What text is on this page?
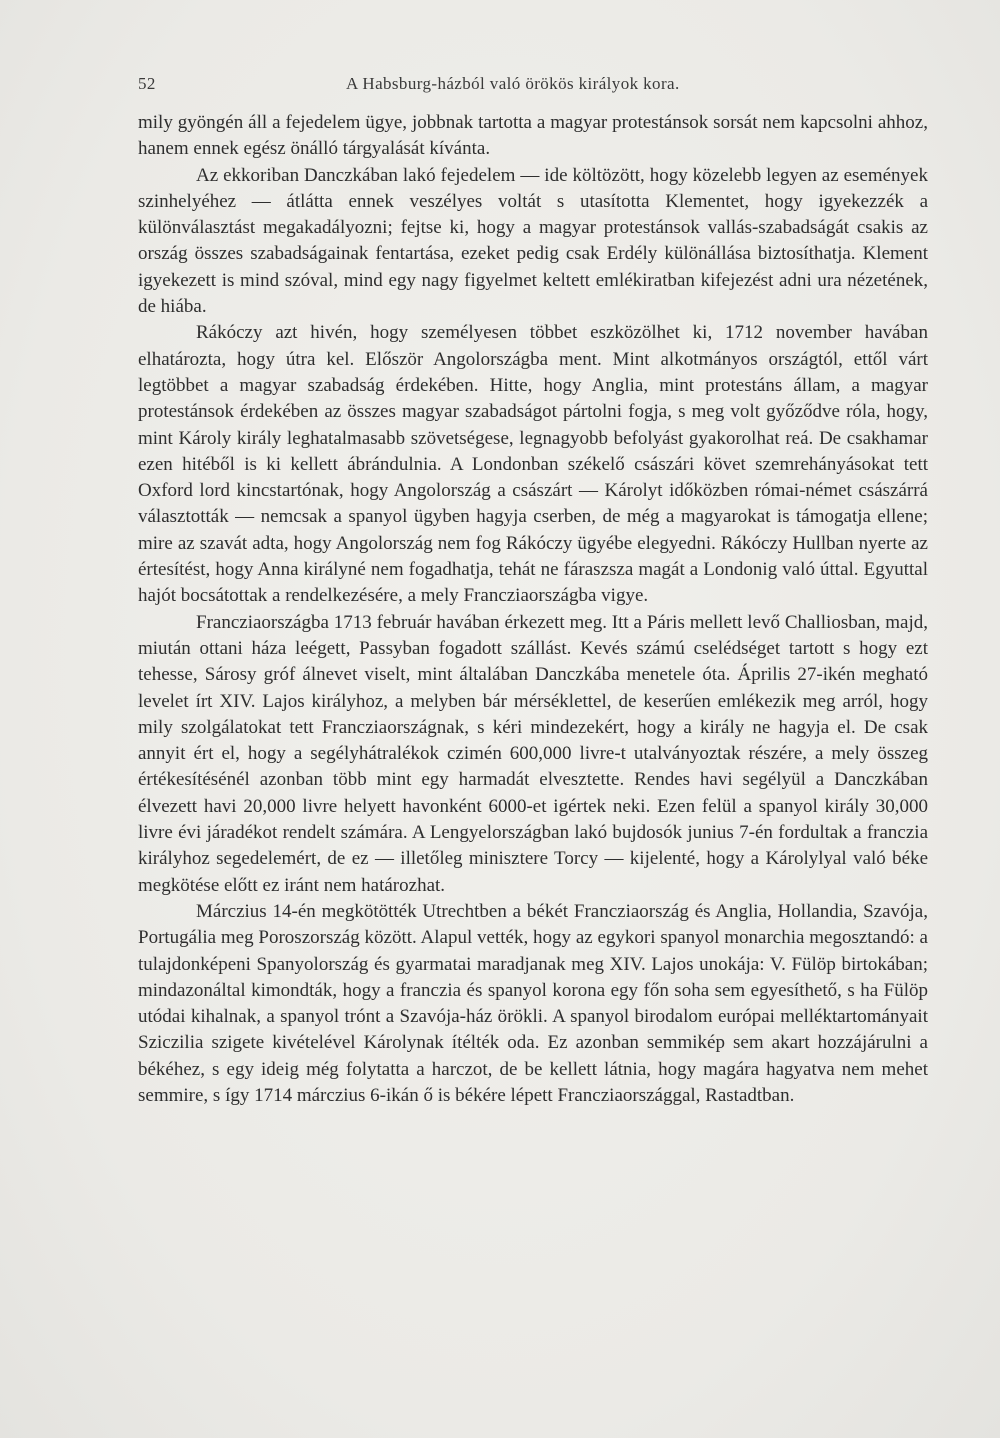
52	A Habsburg-házból való örökös királyok kora.

mily gyöngén áll a fejedelem ügye, jobbnak tartotta a magyar protestánsok sorsát nem kapcsolni ahhoz, hanem ennek egész önálló tárgyalását kívánta.

Az ekkoriban Danczkában lakó fejedelem — ide költözött, hogy közelebb legyen az események szinhelyéhez — átlátta ennek veszélyes voltát s utasította Klementet, hogy igyekezzék a különválasztást megakadályozni; fejtse ki, hogy a magyar protestánsok vallás-szabadságát csakis az ország összes szabadságainak fentartása, ezeket pedig csak Erdély különállása biztosíthatja. Klement igyekezett is mind szóval, mind egy nagy figyelmet keltett emlékiratban kifejezést adni ura nézetének, de hiába.

Rákóczy azt hivén, hogy személyesen többet eszközölhet ki, 1712 november havában elhatározta, hogy útra kel. Először Angolországba ment. Mint alkotmányos országtól, ettől várt legtöbbet a magyar szabadság érdekében. Hitte, hogy Anglia, mint protestáns állam, a magyar protestánsok érdekében az összes magyar szabadságot pártolni fogja, s meg volt győződve róla, hogy, mint Károly király leghatalmasabb szövetségese, legnagyobb befolyást gyakorolhat reá. De csakhamar ezen hitéből is ki kellett ábrándulnia. A Londonban székelő császári követ szemrehányásokat tett Oxford lord kincstartónak, hogy Angolország a császárt — Károlyt időközben római-német császárrá választották — nemcsak a spanyol ügyben hagyja cserben, de még a magyarokat is támogatja ellene; mire az szavát adta, hogy Angolország nem fog Rákóczy ügyébe elegyedni. Rákóczy Hullban nyerte az értesítést, hogy Anna királyné nem fogadhatja, tehát ne fáraszsza magát a Londonig való úttal. Egyuttal hajót bocsátottak a rendelkezésére, a mely Francziaországba vigye.

Francziaországba 1713 február havában érkezett meg. Itt a Páris mellett levő Challiosban, majd, miután ottani háza leégett, Passyban fogadott szállást. Kevés számú cselédséget tartott s hogy ezt tehesse, Sárosy gróf álnevet viselt, mint általában Danczkába menetele óta. Április 27-ikén megható levelet írt XIV. Lajos királyhoz, a melyben bár mérséklettel, de keserűen emlékezik meg arról, hogy mily szolgálatokat tett Francziaországnak, s kéri mindezekért, hogy a király ne hagyja el. De csak annyit ért el, hogy a segélyhátralékok czimén 600,000 livre-t utalványoztak részére, a mely összeg értékesítésénél azonban több mint egy harmadát elvesztette. Rendes havi segélyül a Danczkában élvezett havi 20,000 livre helyett havonként 6000-et igértek neki. Ezen felül a spanyol király 30,000 livre évi járadékot rendelt számára. A Lengyelországban lakó bujdosók junius 7-én fordultak a franczia királyhoz segedelemért, de ez — illetőleg minisztere Torcy — kijelenté, hogy a Károlylyal való béke megkötése előtt ez iránt nem határozhat.

Márczius 14-én megkötötték Utrechtben a békét Francziaország és Anglia, Hollandia, Szavója, Portugália meg Poroszország között. Alapul vették, hogy az egykori spanyol monarchia megosztandó: a tulajdonképeni Spanyolország és gyarmatai maradjanak meg XIV. Lajos unokája: V. Fülöp birtokában; mindazonáltal kimondták, hogy a franczia és spanyol korona egy főn soha sem egyesíthető, s ha Fülöp utódai kihalnak, a spanyol trónt a Szavója-ház örökli. A spanyol birodalom európai melléktartományait Sziczilia szigete kivételével Károlynak ítélték oda. Ez azonban semmikép sem akart hozzájárulni a békéhez, s egy ideig még folytatta a harczot, de be kellett látnia, hogy magára hagyatva nem mehet semmire, s így 1714 márczius 6-ikán ő is békére lépett Francziaországgal, Rastadtban.
